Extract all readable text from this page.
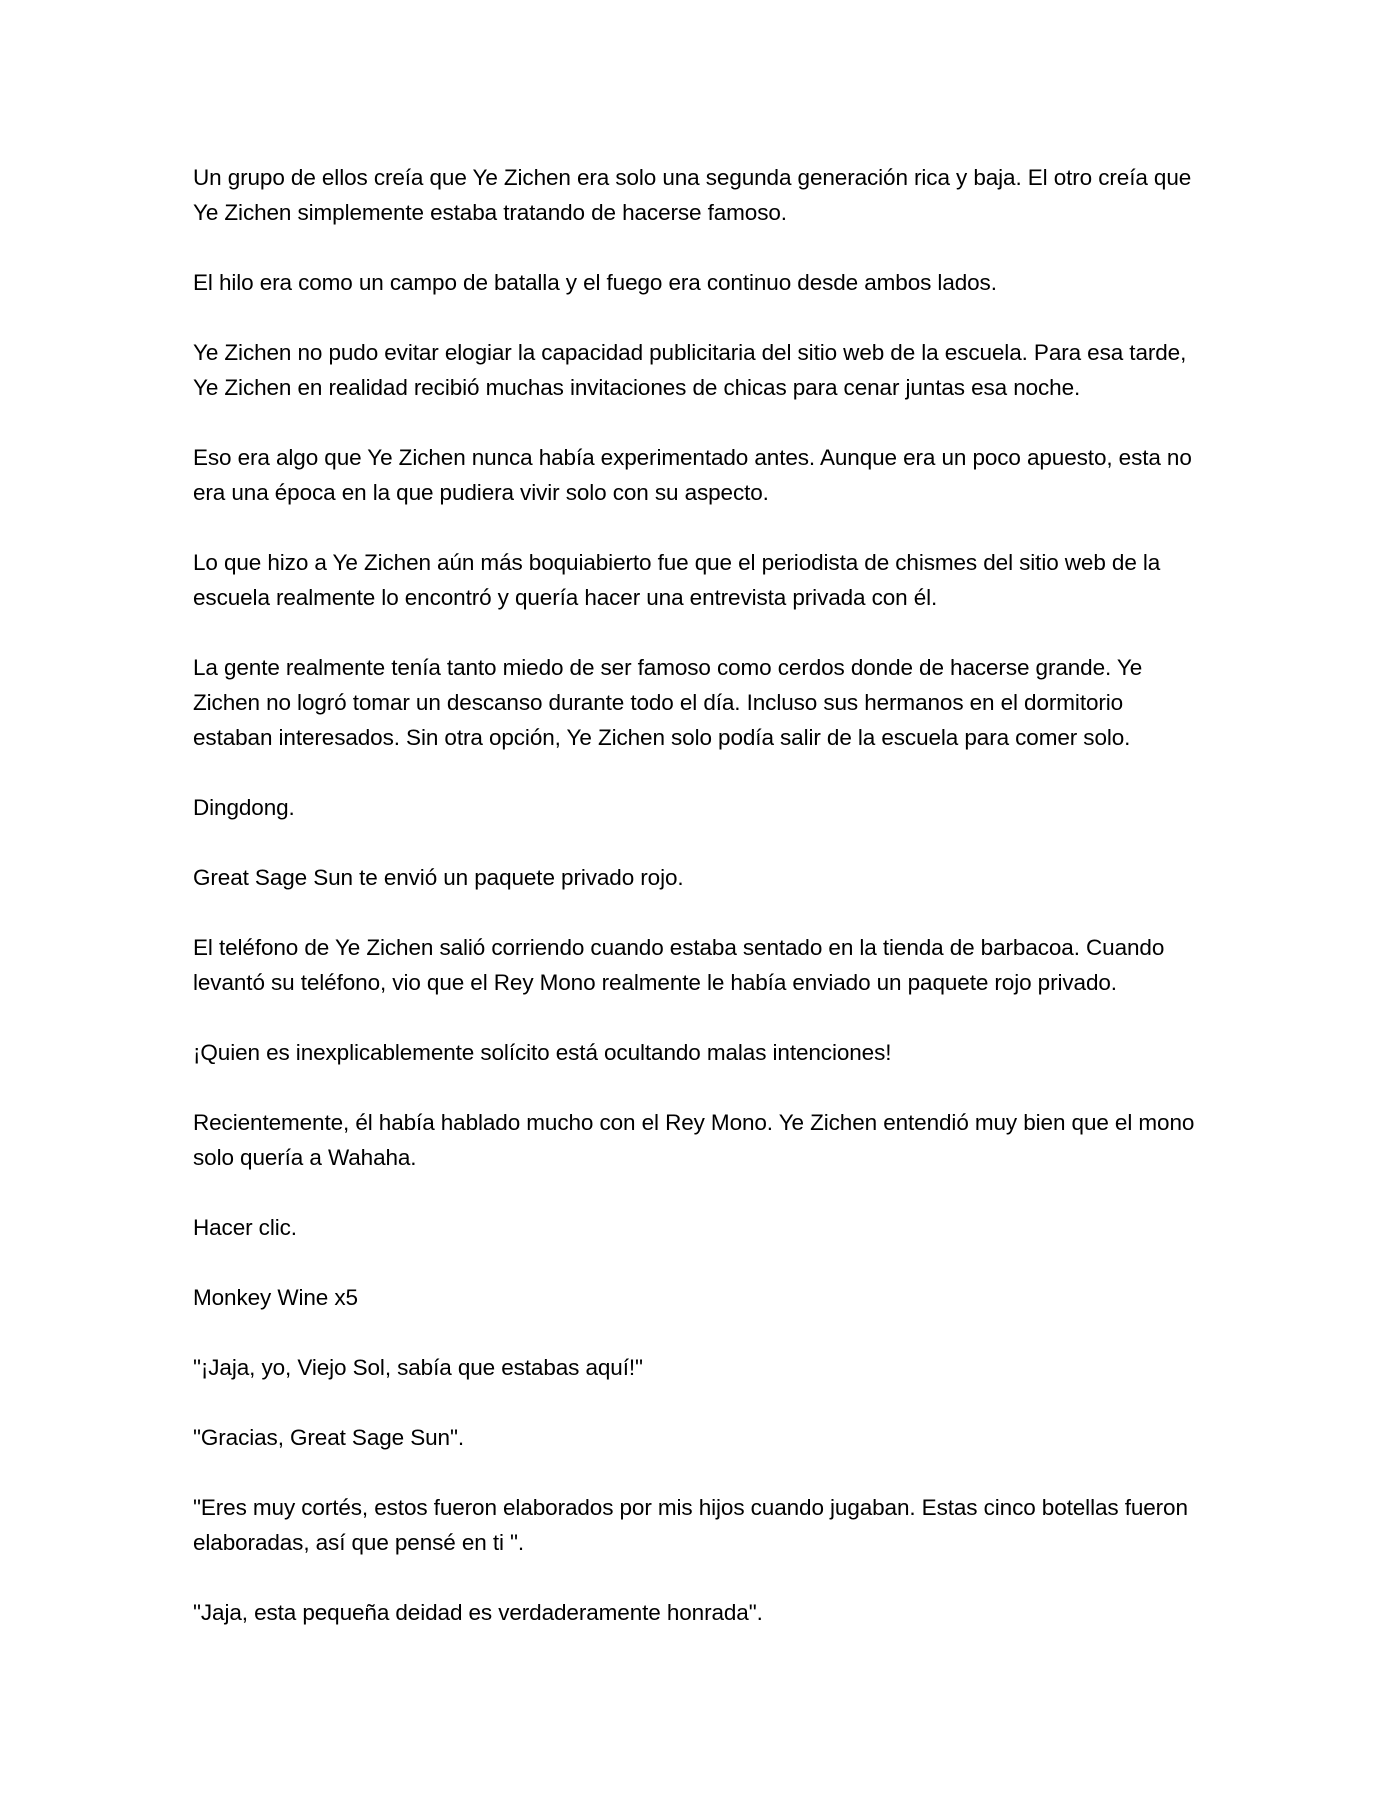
Un grupo de ellos creía que Ye Zichen era solo una segunda generación rica y baja. El otro creía que Ye Zichen simplemente estaba tratando de hacerse famoso.

El hilo era como un campo de batalla y el fuego era continuo desde ambos lados.

Ye Zichen no pudo evitar elogiar la capacidad publicitaria del sitio web de la escuela. Para esa tarde, Ye Zichen en realidad recibió muchas invitaciones de chicas para cenar juntas esa noche.

Eso era algo que Ye Zichen nunca había experimentado antes. Aunque era un poco apuesto, esta no era una época en la que pudiera vivir solo con su aspecto.

Lo que hizo a Ye Zichen aún más boquiabierto fue que el periodista de chismes del sitio web de la escuela realmente lo encontró y quería hacer una entrevista privada con él.

La gente realmente tenía tanto miedo de ser famoso como cerdos donde de hacerse grande. Ye Zichen no logró tomar un descanso durante todo el día. Incluso sus hermanos en el dormitorio estaban interesados. Sin otra opción, Ye Zichen solo podía salir de la escuela para comer solo.

Dingdong.

Great Sage Sun te envió un paquete privado rojo.

El teléfono de Ye Zichen salió corriendo cuando estaba sentado en la tienda de barbacoa. Cuando levantó su teléfono, vio que el Rey Mono realmente le había enviado un paquete rojo privado.

¡Quien es inexplicablemente solícito está ocultando malas intenciones!

Recientemente, él había hablado mucho con el Rey Mono. Ye Zichen entendió muy bien que el mono solo quería a Wahaha.

Hacer clic.

Monkey Wine x5

"¡Jaja, yo, Viejo Sol, sabía que estabas aquí!"

"Gracias, Great Sage Sun".

"Eres muy cortés, estos fueron elaborados por mis hijos cuando jugaban. Estas cinco botellas fueron elaboradas, así que pensé en ti ".

"Jaja, esta pequeña deidad es verdaderamente honrada".
